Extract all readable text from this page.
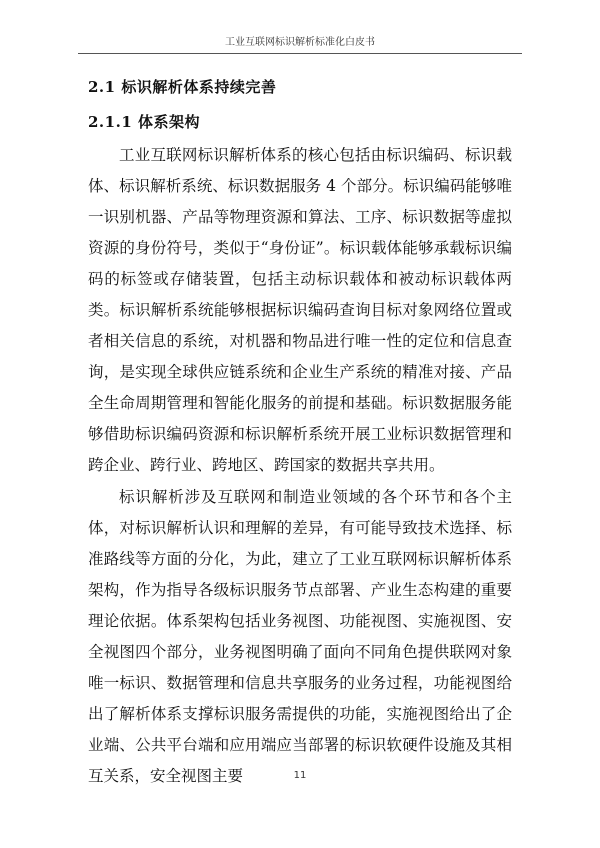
工业互联网标识解析标准化白皮书
2.1 标识解析体系持续完善
2.1.1 体系架构

工业互联网标识解析体系的核心包括由标识编码、标识载体、标识解析系统、标识数据服务 4 个部分。标识编码能够唯一识别机器、产品等物理资源和算法、工序、标识数据等虚拟资源的身份符号，类似于“身份证”。标识载体能够承载标识编码的标签或存储装置，包括主动标识载体和被动标识载体两类。标识解析系统能够根据标识编码查询目标对象网络位置或者相关信息的系统，对机器和物品进行唯一性的定位和信息查询，是实现全球供应链系统和企业生产系统的精准对接、产品全生命周期管理和智能化服务的前提和基础。标识数据服务能够借助标识编码资源和标识解析系统开展工业标识数据管理和跨企业、跨行业、跨地区、跨国家的数据共享共用。

标识解析涉及互联网和制造业领域的各个环节和各个主体，对标识解析认识和理解的差异，有可能导致技术选择、标准路线等方面的分化，为此，建立了工业互联网标识解析体系架构，作为指导各级标识服务节点部署、产业生态构建的重要理论依据。体系架构包括业务视图、功能视图、实施视图、安全视图四个部分，业务视图明确了面向不同角色提供联网对象唯一标识、数据管理和信息共享服务的业务过程，功能视图给出了解析体系支撑标识服务需提供的功能，实施视图给出了企业端、公共平台端和应用端应当部署的标识软硬件设施及其相互关系，安全视图主要	11
